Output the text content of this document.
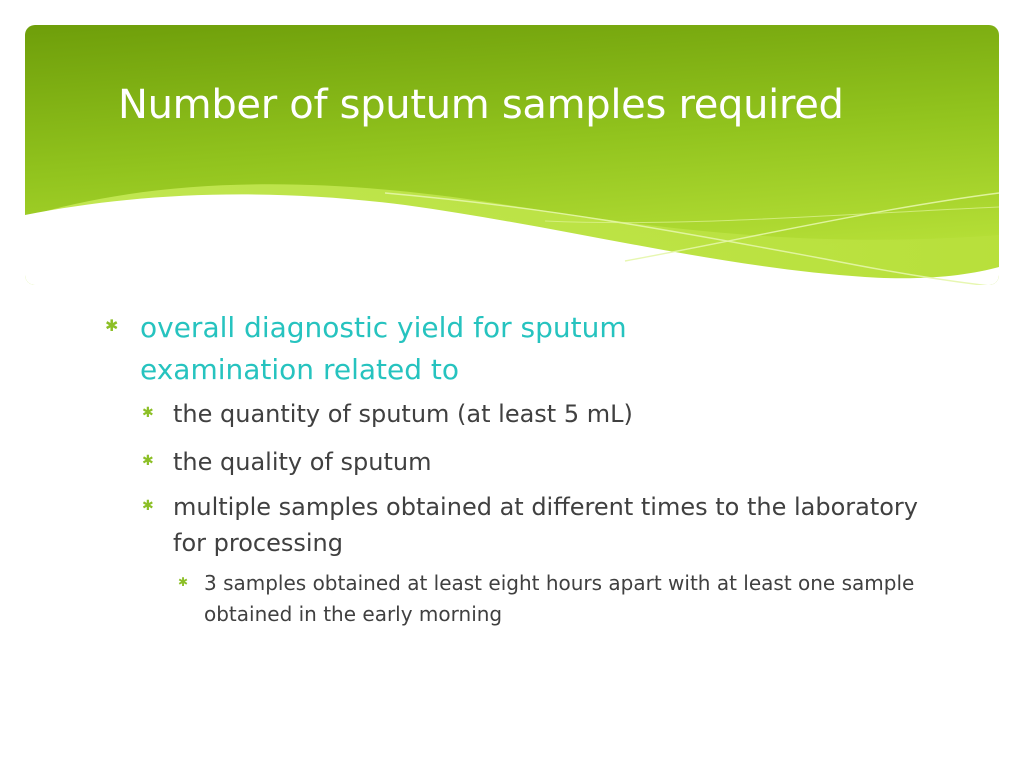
Number of sputum samples required
✱ overall diagnostic yield for sputum examination related to
✱ the quantity of sputum (at least 5 mL)
✱ the quality of sputum
✱ multiple samples obtained at different times to the laboratory for processing
✱ 3 samples obtained at least eight hours apart with at least one sample obtained in the early morning
